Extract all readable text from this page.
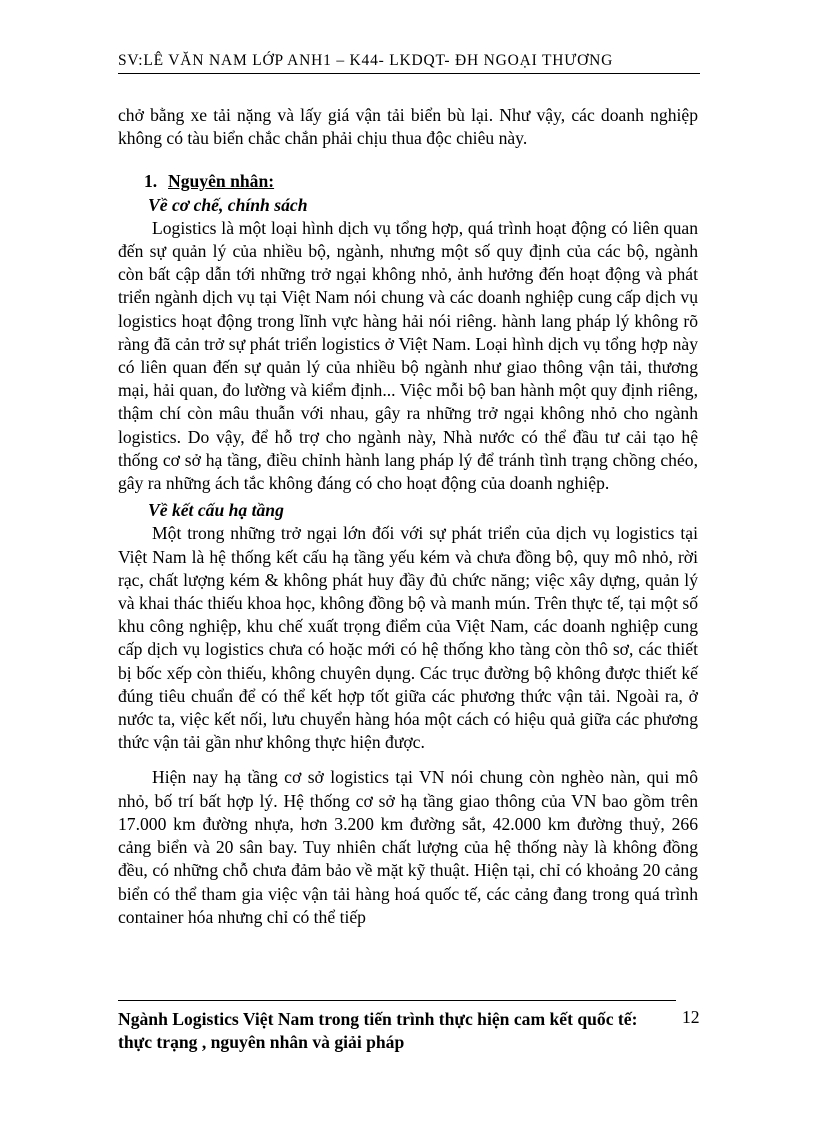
SV:LÊ VĂN NAM LỚP ANH1 – K44- LKDQT- ĐH NGOẠI THƯƠNG

chở bằng xe tải nặng và lấy giá vận tải biển bù lại. Như vậy, các doanh nghiệp không có tàu biển chắc chắn phải chịu thua độc chiêu này.

1. Nguyên nhân:

Về cơ chế, chính sách

Logistics là một loại hình dịch vụ tổng hợp, quá trình hoạt động có liên quan đến sự quản lý của nhiều bộ, ngành, nhưng một số quy định của các bộ, ngành còn bất cập dẫn tới những trở ngại không nhỏ, ảnh hưởng đến hoạt động và phát triển ngành dịch vụ tại Việt Nam nói chung và các doanh nghiệp cung cấp dịch vụ logistics hoạt động trong lĩnh vực hàng hải nói riêng. hành lang pháp lý không rõ ràng đã cản trở sự phát triển logistics ở Việt Nam. Loại hình dịch vụ tổng hợp này có liên quan đến sự quản lý của nhiều bộ ngành như giao thông vận tải, thương mại, hải quan, đo lường và kiểm định... Việc mỗi bộ ban hành một quy định riêng, thậm chí còn mâu thuẫn với nhau, gây ra những trở ngại không nhỏ cho ngành logistics. Do vậy, để hỗ trợ cho ngành này, Nhà nước có thể đầu tư cải tạo hệ thống cơ sở hạ tầng, điều chỉnh hành lang pháp lý để tránh tình trạng chồng chéo, gây ra những ách tắc không đáng có cho hoạt động của doanh nghiệp.

Về kết cấu hạ tầng

Một trong những trở ngại lớn đối với sự phát triển của dịch vụ logistics tại Việt Nam là hệ thống kết cấu hạ tầng yếu kém và chưa đồng bộ, quy mô nhỏ, rời rạc, chất lượng kém & không phát huy đầy đủ chức năng; việc xây dựng, quản lý và khai thác thiếu khoa học, không đồng bộ và manh mún. Trên thực tế, tại một số khu công nghiệp, khu chế xuất trọng điểm của Việt Nam, các doanh nghiệp cung cấp dịch vụ logistics chưa có hoặc mới có hệ thống kho tàng còn thô sơ, các thiết bị bốc xếp còn thiếu, không chuyên dụng. Các trục đường bộ không được thiết kế đúng tiêu chuẩn để có thể kết hợp tốt giữa các phương thức vận tải. Ngoài ra, ở nước ta, việc kết nối, lưu chuyển hàng hóa một cách có hiệu quả giữa các phương thức vận tải gần như không thực hiện được.

Hiện nay hạ tầng cơ sở logistics tại VN nói chung còn nghèo nàn, qui mô nhỏ, bố trí bất hợp lý. Hệ thống cơ sở hạ tầng giao thông của VN bao gồm trên 17.000 km đường nhựa, hơn 3.200 km đường sắt, 42.000 km đường thuỷ, 266 cảng biển và 20 sân bay. Tuy nhiên chất lượng của hệ thống này là không đồng đều, có những chỗ chưa đảm bảo về mặt kỹ thuật. Hiện tại, chỉ có khoảng 20 cảng biển có thể tham gia việc vận tải hàng hoá quốc tế, các cảng đang trong quá trình container hóa nhưng chỉ có thể tiếp

Ngành Logistics Việt Nam trong tiến trình thực hiện cam kết quốc tế: thực trạng , nguyên nhân và giải pháp
12
